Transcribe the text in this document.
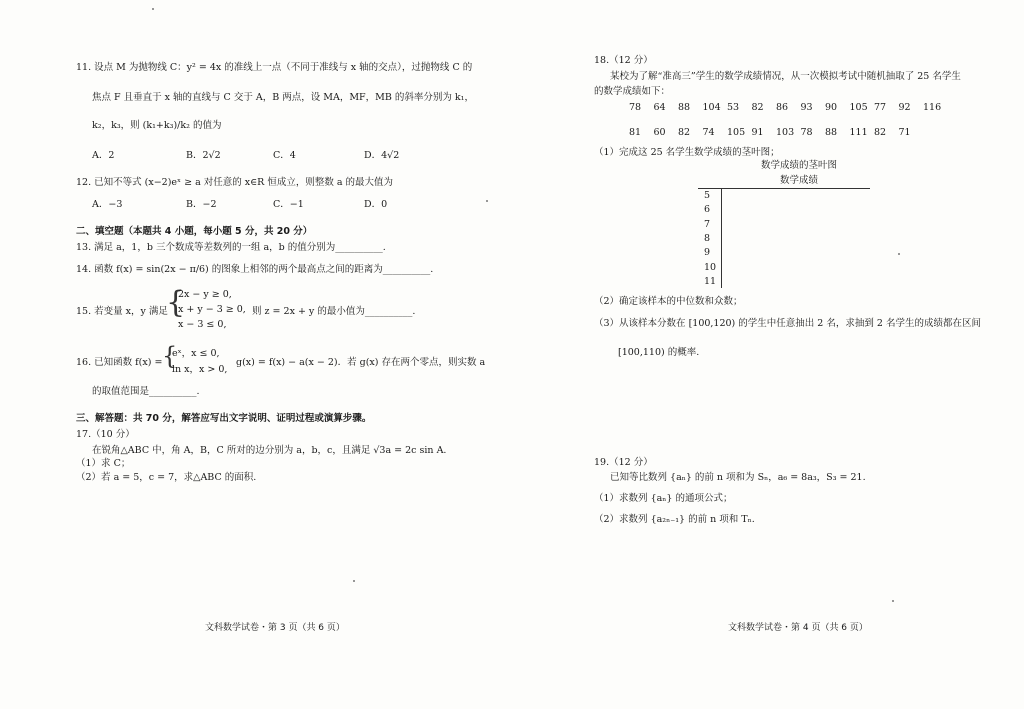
11. 设点 M 为抛物线 C：y² = 4x 的准线上一点（不同于准线与 x 轴的交点），过抛物线 C 的
焦点 F 且垂直于 x 轴的直线与 C 交于 A，B 两点，设 MA，MF，MB 的斜率分别为 k₁，
k₂，k₃，则 (k₁+k₃)/k₂ 的值为
A．2	B．2√2	C．4	D．4√2
12. 已知不等式 (x−2)eˣ ≥ a 对任意的 x∈R 恒成立，则整数 a 的最大值为
A．−3	B．−2	C．−1	D．0
二、填空题（本题共 4 小题，每小题 5 分，共 20 分）
13. 满足 a，1，b 三个数成等差数列的一组 a，b 的值分别为__________.
14. 函数 f(x) = sin(2x − π/6) 的图象上相邻的两个最高点之间的距离为__________.
15. 若变量 x，y 满足
{
2x − y ≥ 0,
x + y − 3 ≥ 0,
x − 3 ≤ 0,
则 z = 2x + y 的最小值为__________.
16. 已知函数 f(x) = {
eˣ，x ≤ 0,
ln x，x > 0,
g(x) = f(x) − a(x − 2)．若 g(x) 存在两个零点，则实数 a
的取值范围是__________.
三、解答题：共 70 分，解答应写出文字说明、证明过程或演算步骤。
17.（10 分）
在锐角△ABC 中，角 A，B，C 所对的边分别为 a，b，c，且满足 √3a = 2c sin A.
（1）求 C；
（2）若 a = 5，c = 7，求△ABC 的面积.
文科数学试卷・第 3 页（共 6 页）
18.（12 分）
某校为了解“准高三”学生的数学成绩情况，从一次模拟考试中随机抽取了 25 名学生
的数学成绩如下：
78 64 88 104 53 82 86 93 90 105 77 92 116
81 60 82 74 105 91 103 78 88 111 82 71
（1）完成这 25 名学生数学成绩的茎叶图；
数学成绩的茎叶图
数学成绩
5
6
7
8
9
10
11
（2）确定该样本的中位数和众数；
（3）从该样本分数在 [100,120) 的学生中任意抽出 2 名，求抽到 2 名学生的成绩都在区间
[100,110) 的概率.
19.（12 分）
已知等比数列 {aₙ} 的前 n 项和为 Sₙ，a₆ = 8a₃，S₃ = 21.
（1）求数列 {aₙ} 的通项公式；
（2）求数列 {a₂ₙ₋₁} 的前 n 项和 Tₙ.
文科数学试卷・第 4 页（共 6 页）
